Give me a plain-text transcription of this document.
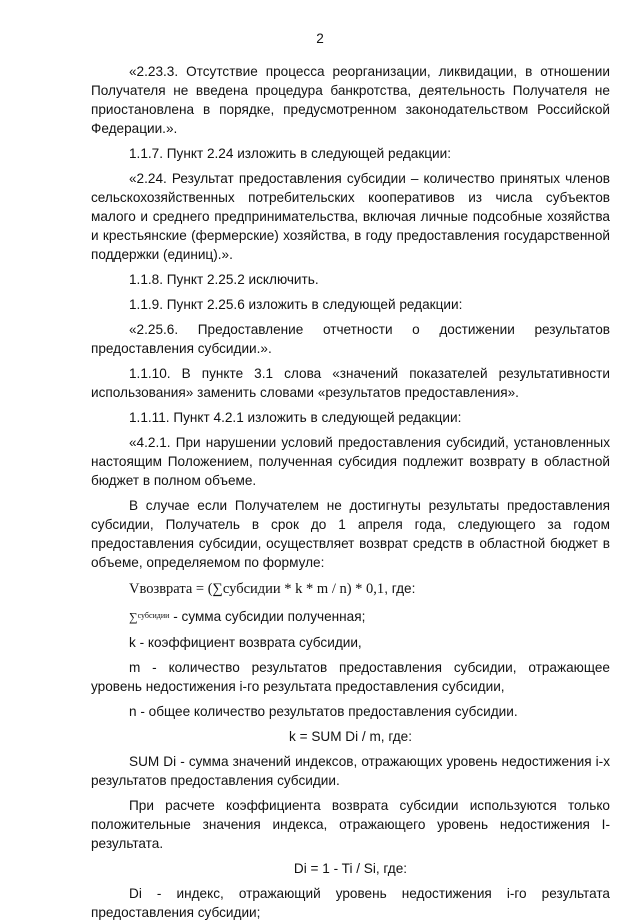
2

«2.23.3. Отсутствие процесса реорганизации, ликвидации, в отношении Получателя не введена процедура банкротства, деятельность Получателя не приостановлена в порядке, предусмотренном законодательством Российской Федерации.».

1.1.7. Пункт 2.24 изложить в следующей редакции:

«2.24. Результат предоставления субсидии – количество принятых членов сельскохозяйственных потребительских кооперативов из числа субъектов малого и среднего предпринимательства, включая личные подсобные хозяйства и крестьянские (фермерские) хозяйства, в году предоставления государственной поддержки (единиц).».

1.1.8. Пункт 2.25.2 исключить.

1.1.9. Пункт 2.25.6 изложить в следующей редакции:

«2.25.6. Предоставление отчетности о достижении результатов предоставления субсидии.».

1.1.10. В пункте 3.1 слова «значений показателей результативности использования» заменить словами «результатов предоставления».

1.1.11. Пункт 4.2.1 изложить в следующей редакции:

«4.2.1. При нарушении условий предоставления субсидий, установленных настоящим Положением, полученная субсидия подлежит возврату в областной бюджет в полном объеме.

В случае если Получателем не достигнуты результаты предоставления субсидии, Получатель в срок до 1 апреля года, следующего за годом предоставления субсидии, осуществляет возврат средств в областной бюджет в объеме, определяемом по формуле:

Vвозврата = (∑субсидии * k * m / n) * 0,1, где:

∑$^{субсидии}$ - сумма субсидии полученная;

k - коэффициент возврата субсидии,

m - количество результатов предоставления субсидии, отражающее уровень недостижения i-го результата предоставления субсидии,

n - общее количество результатов предоставления субсидии.

k = SUM Di / m, где:

SUM Di - сумма значений индексов, отражающих уровень недостижения i-х результатов предоставления субсидии.

При расчете коэффициента возврата субсидии используются только положительные значения индекса, отражающего уровень недостижения I-результата.

Di = 1 - Ti / Si, где:

Di - индекс, отражающий уровень недостижения i-го результата предоставления субсидии;
